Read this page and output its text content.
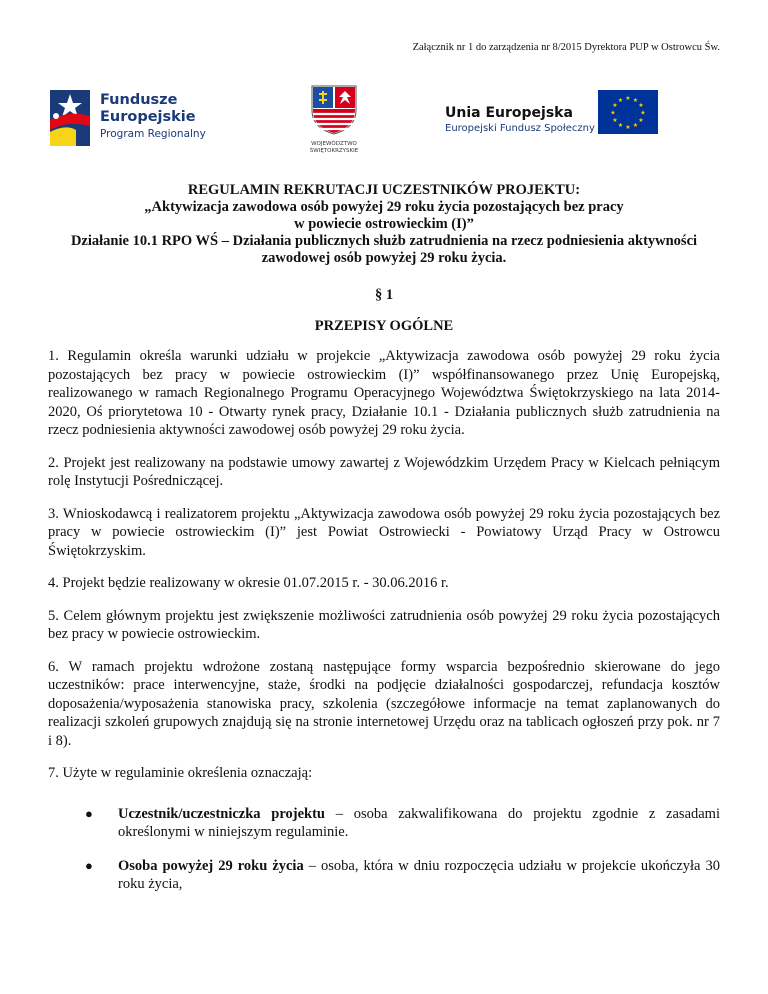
Załącznik nr 1 do zarządzenia nr 8/2015 Dyrektora PUP w Ostrowcu Św.
Fundusze
Europejskie
Program Regionalny
WOJEWÓDZTWO
ŚWIĘTOKRZYSKIE
Unia Europejska
Europejski Fundusz Społeczny
★ ★
★
★
★
★
★
★
★
★
★
★
REGULAMIN REKRUTACJI UCZESTNIKÓW PROJEKTU:
„Aktywizacja zawodowa osób powyżej 29 roku życia pozostających bez pracy
w powiecie ostrowieckim (I)”
Działanie 10.1 RPO WŚ – Działania publicznych służb zatrudnienia na rzecz podniesienia aktywności
zawodowej osób powyżej 29 roku życia.
§ 1
PRZEPISY OGÓLNE

1. Regulamin określa warunki udziału w projekcie „Aktywizacja zawodowa osób powyżej 29 roku życia pozostających bez pracy w powiecie ostrowieckim (I)” współfinansowanego przez Unię Europejską, realizowanego w ramach Regionalnego Programu Operacyjnego Województwa Świętokrzyskiego na lata 2014-2020, Oś priorytetowa 10 - Otwarty rynek pracy, Działanie 10.1 - Działania publicznych służb zatrudnienia na rzecz podniesienia aktywności zawodowej osób powyżej 29 roku życia.

2. Projekt jest realizowany na podstawie umowy zawartej z Wojewódzkim Urzędem Pracy w Kielcach pełniącym rolę Instytucji Pośredniczącej.

3. Wnioskodawcą i realizatorem projektu „Aktywizacja zawodowa osób powyżej 29 roku życia pozostających bez pracy w powiecie ostrowieckim (I)” jest Powiat Ostrowiecki - Powiatowy Urząd Pracy w Ostrowcu Świętokrzyskim.

4. Projekt będzie realizowany w okresie 01.07.2015 r. - 30.06.2016 r.

5. Celem głównym projektu jest zwiększenie możliwości zatrudnienia osób powyżej 29 roku życia pozostających bez pracy w powiecie ostrowieckim.

6. W ramach projektu wdrożone zostaną następujące formy wsparcia bezpośrednio skierowane do jego uczestników: prace interwencyjne, staże, środki na podjęcie działalności gospodarczej, refundacja kosztów doposażenia/wyposażenia stanowiska pracy, szkolenia (szczegółowe informacje na temat zaplanowanych do realizacji szkoleń grupowych znajdują się na stronie internetowej Urzędu oraz na tablicach ogłoszeń przy pok. nr 7 i 8).

7. Użyte w regulaminie określenia oznaczają:

● Uczestnik/uczestniczka projektu – osoba zakwalifikowana do projektu zgodnie z zasadami określonymi w niniejszym regulaminie.
● Osoba powyżej 29 roku życia – osoba, która w dniu rozpoczęcia udziału w projekcie ukończyła 30 roku życia,
